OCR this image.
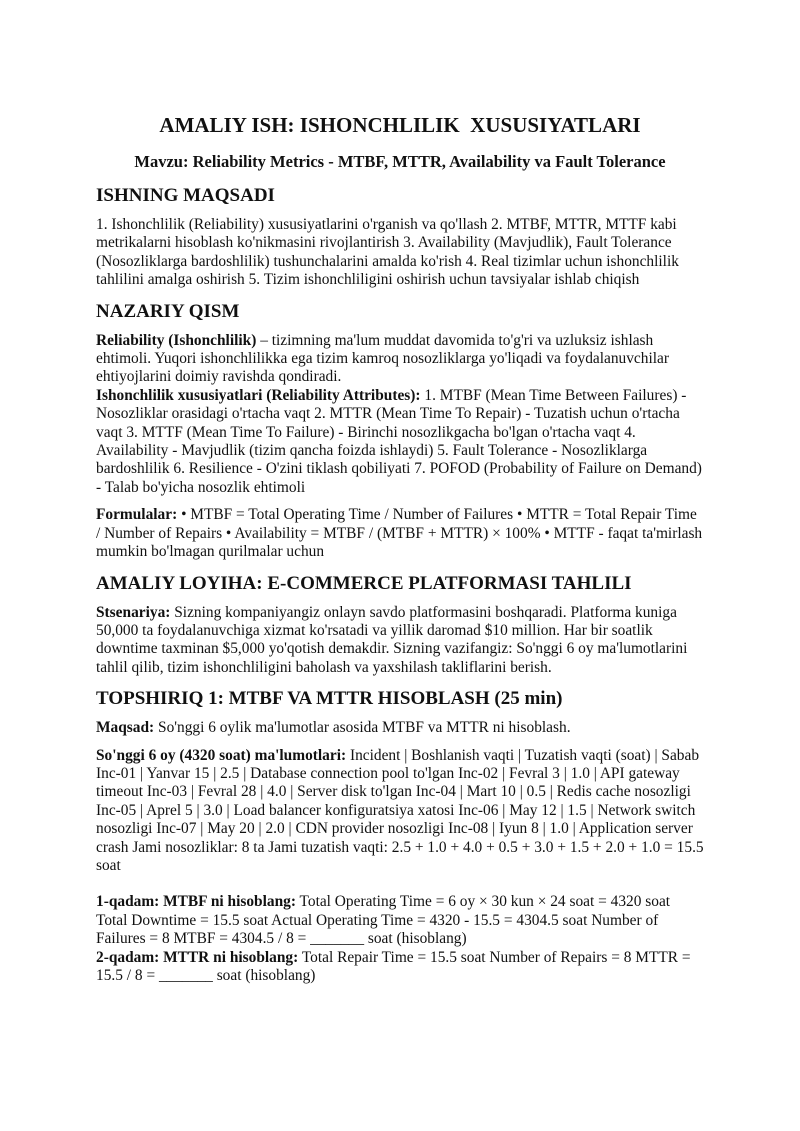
AMALIY ISH: ISHONCHLILIK  XUSUSIYATLARI
Mavzu: Reliability Metrics - MTBF, MTTR, Availability va Fault Tolerance
ISHNING MAQSADI

1. Ishonchlilik (Reliability) xususiyatlarini o'rganish va qo'llash 2. MTBF, MTTR, MTTF kabi metrikalarni hisoblash ko'nikmasini rivojlantirish 3. Availability (Mavjudlik), Fault Tolerance (Nosozliklarga bardoshlilik) tushunchalarini amalda ko'rish 4. Real tizimlar uchun ishonchlilik tahlilini amalga oshirish 5. Tizim ishonchliligini oshirish uchun tavsiyalar ishlab chiqish

NAZARIY QISM

Reliability (Ishonchlilik) – tizimning ma'lum muddat davomida to'g'ri va uzluksiz ishlash ehtimoli. Yuqori ishonchlilikka ega tizim kamroq nosozliklarga yo'liqadi va foydalanuvchilar ehtiyojlarini doimiy ravishda qondiradi.

Ishonchlilik xususiyatlari (Reliability Attributes): 1. MTBF (Mean Time Between Failures) - Nosozliklar orasidagi o'rtacha vaqt 2. MTTR (Mean Time To Repair) - Tuzatish uchun o'rtacha vaqt 3. MTTF (Mean Time To Failure) - Birinchi nosozlikgacha bo'lgan o'rtacha vaqt 4. Availability - Mavjudlik (tizim qancha foizda ishlaydi) 5. Fault Tolerance - Nosozliklarga bardoshlilik 6. Resilience - O'zini tiklash qobiliyati 7. POFOD (Probability of Failure on Demand) - Talab bo'yicha nosozlik ehtimoli

Formulalar: • MTBF = Total Operating Time / Number of Failures • MTTR = Total Repair Time / Number of Repairs • Availability = MTBF / (MTBF + MTTR) × 100% • MTTF - faqat ta'mirlash mumkin bo'lmagan qurilmalar uchun

AMALIY LOYIHA: E-COMMERCE PLATFORMASI TAHLILI

Stsenariya: Sizning kompaniyangiz onlayn savdo platformasini boshqaradi. Platforma kuniga 50,000 ta foydalanuvchiga xizmat ko'rsatadi va yillik daromad $10 million. Har bir soatlik downtime taxminan $5,000 yo'qotish demakdir. Sizning vazifangiz: So'nggi 6 oy ma'lumotlarini tahlil qilib, tizim ishonchliligini baholash va yaxshilash takliflarini berish.

TOPSHIRIQ 1: MTBF VA MTTR HISOBLASH (25 min)

Maqsad: So'nggi 6 oylik ma'lumotlar asosida MTBF va MTTR ni hisoblash.

So'nggi 6 oy (4320 soat) ma'lumotlari: Incident | Boshlanish vaqti | Tuzatish vaqti (soat) | Sabab Inc-01 | Yanvar 15 | 2.5 | Database connection pool to'lgan Inc-02 | Fevral 3 | 1.0 | API gateway timeout Inc-03 | Fevral 28 | 4.0 | Server disk to'lgan Inc-04 | Mart 10 | 0.5 | Redis cache nosozligi Inc-05 | Aprel 5 | 3.0 | Load balancer konfiguratsiya xatosi Inc-06 | May 12 | 1.5 | Network switch nosozligi Inc-07 | May 20 | 2.0 | CDN provider nosozligi Inc-08 | Iyun 8 | 1.0 | Application server crash Jami nosozliklar: 8 ta Jami tuzatish vaqti: 2.5 + 1.0 + 4.0 + 0.5 + 3.0 + 1.5 + 2.0 + 1.0 = 15.5 soat

1-qadam: MTBF ni hisoblang: Total Operating Time = 6 oy × 30 kun × 24 soat = 4320 soat Total Downtime = 15.5 soat Actual Operating Time = 4320 - 15.5 = 4304.5 soat Number of Failures = 8 MTBF = 4304.5 / 8 = _______ soat (hisoblang)

2-qadam: MTTR ni hisoblang: Total Repair Time = 15.5 soat Number of Repairs = 8 MTTR = 15.5 / 8 = _______ soat (hisoblang)
